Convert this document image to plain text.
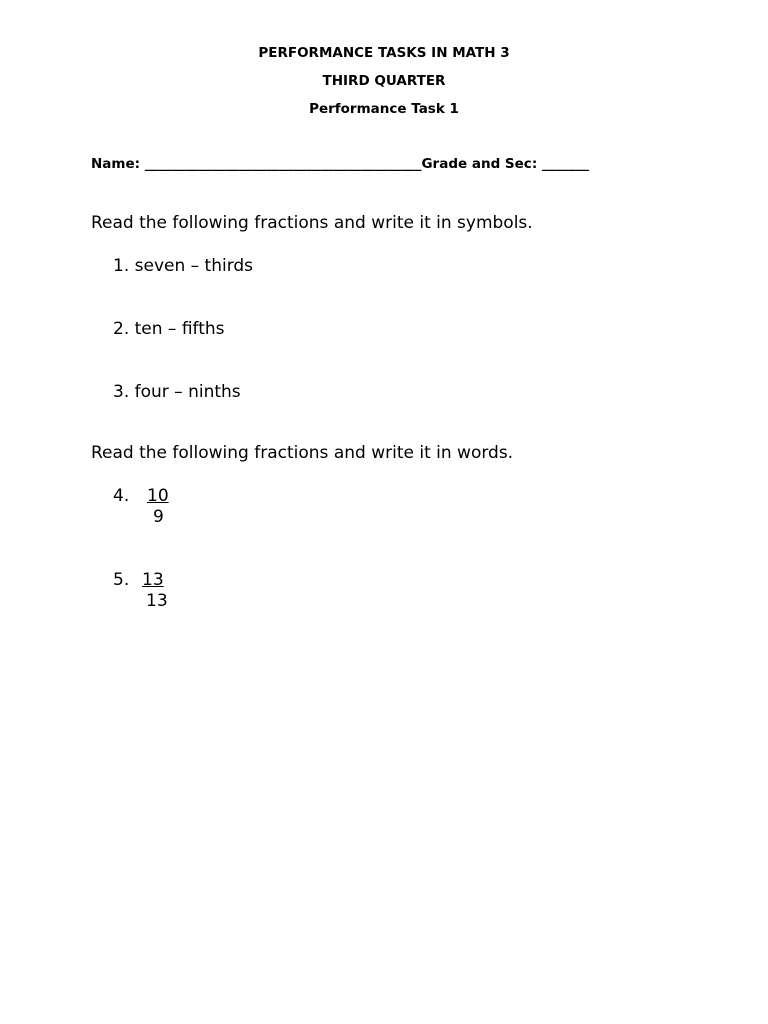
PERFORMANCE TASKS IN MATH 3
THIRD QUARTER
Performance Task 1
Name: _________________________________________Grade and Sec: _______
Read the following fractions and write it in symbols.
1. seven – thirds
2. ten – fifths
3. four – ninths
Read the following fractions and write it in words.
4. 10
9
5. 13
13
